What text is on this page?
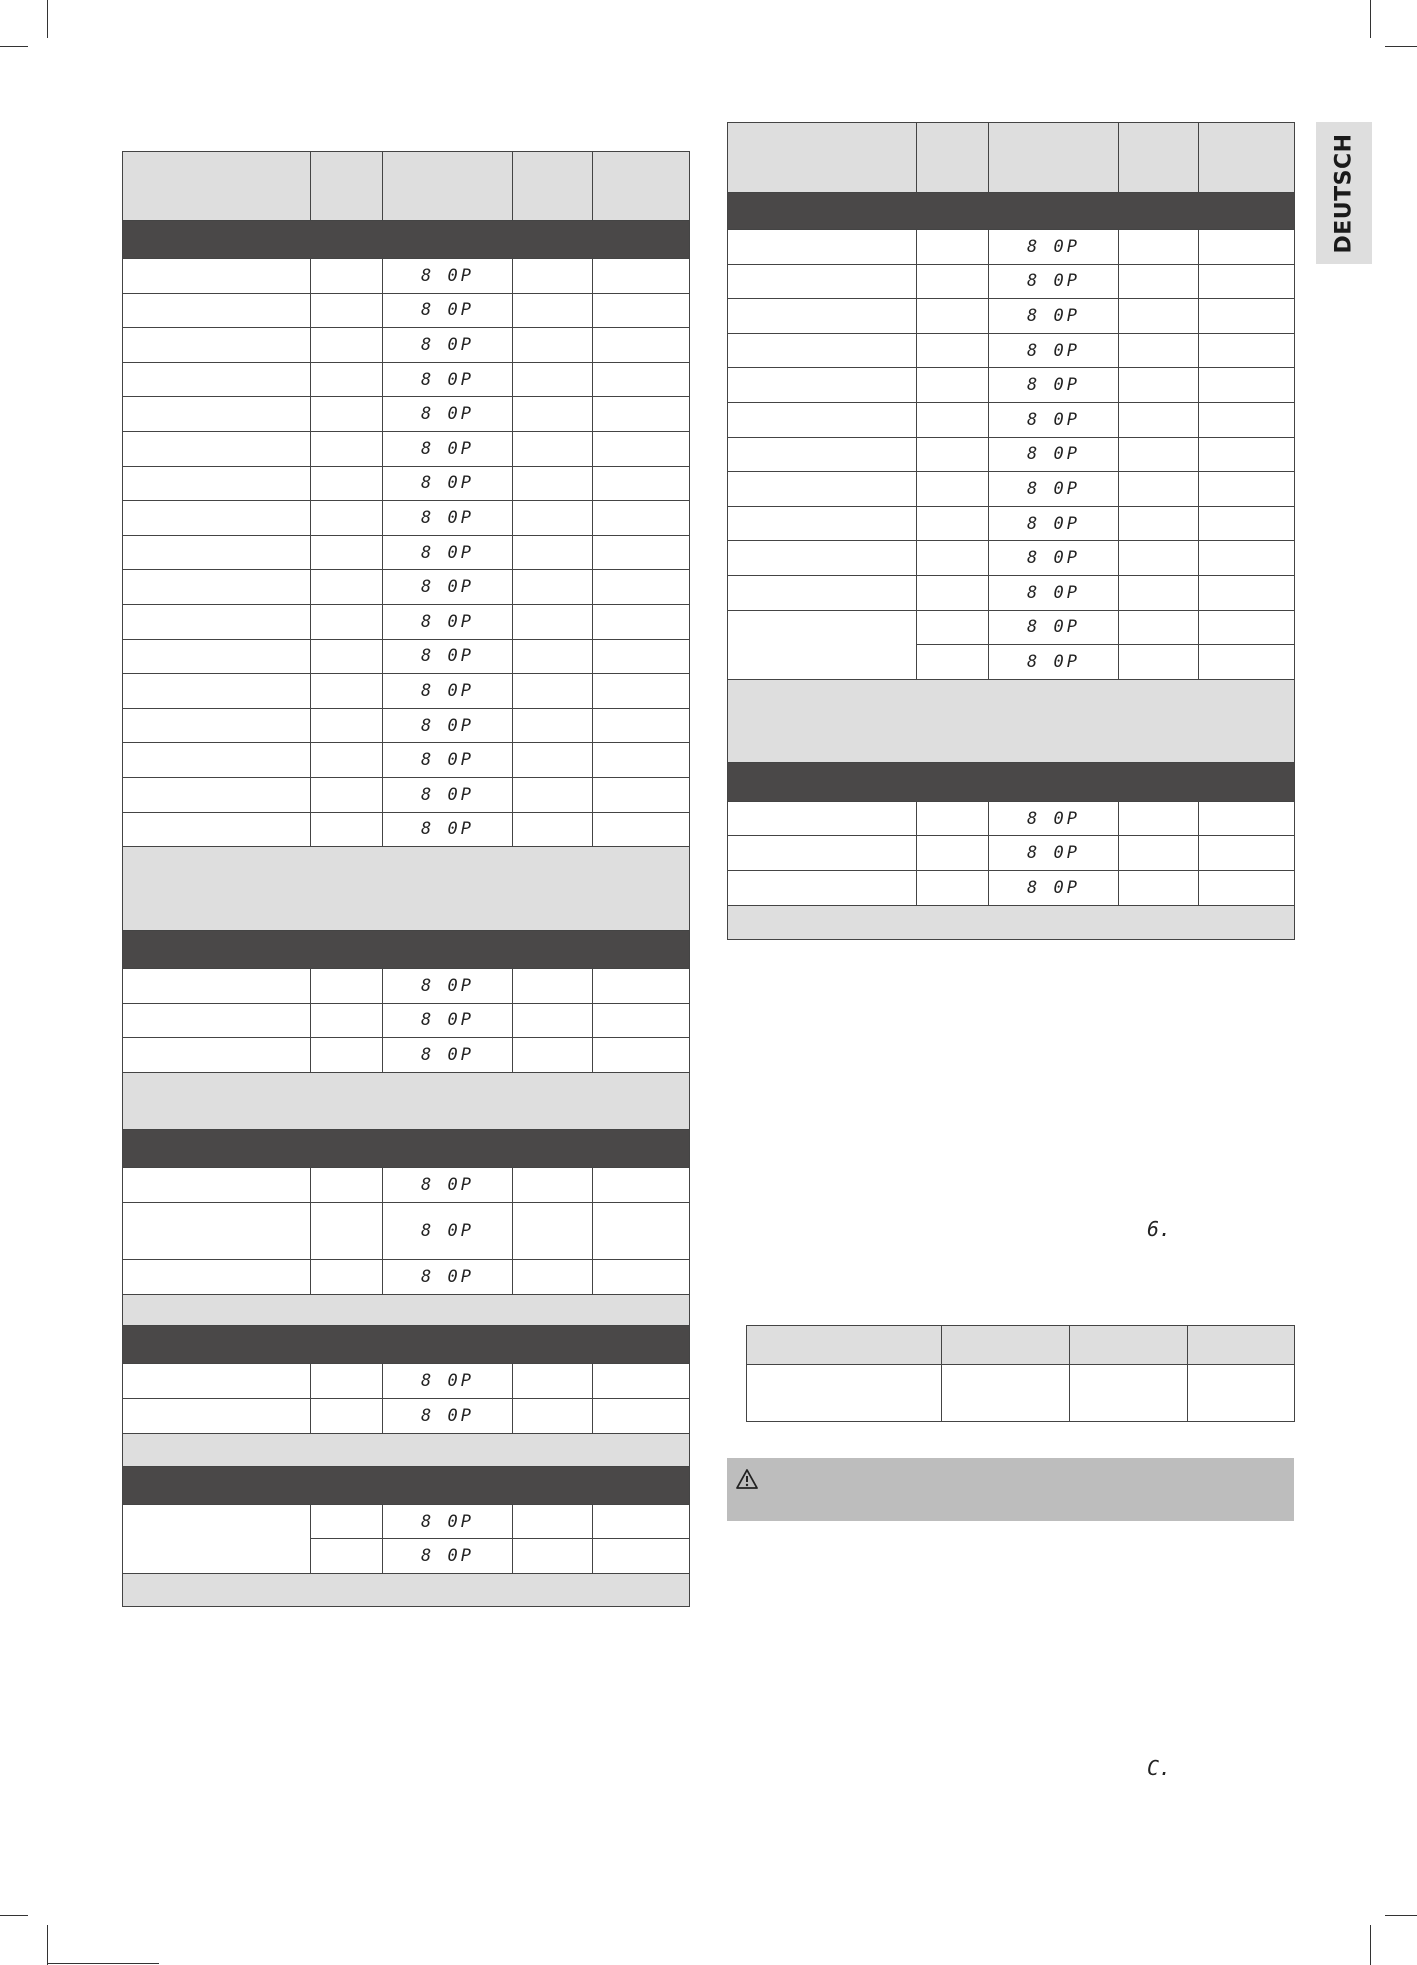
DEUTSCH

		8 0P		
		8 0P		
		8 0P		
		8 0P		
		8 0P		
		8 0P		
		8 0P		
		8 0P		
		8 0P		
		8 0P		
		8 0P		
		8 0P		
		8 0P		
		8 0P		
		8 0P		
		8 0P		
		8 0P		

		8 0P		
		8 0P		
		8 0P		

		8 0P		
		8 0P		
		8 0P		

		8 0P		
		8 0P		

		8 0P		
		8 0P		

		8 0P		
		8 0P		
		8 0P		
		8 0P		
		8 0P		
		8 0P		
		8 0P		
		8 0P		
		8 0P		
		8 0P		
		8 0P		
		8 0P		
		8 0P		

		8 0P		
		8 0P		
		8 0P		

6.
C.
